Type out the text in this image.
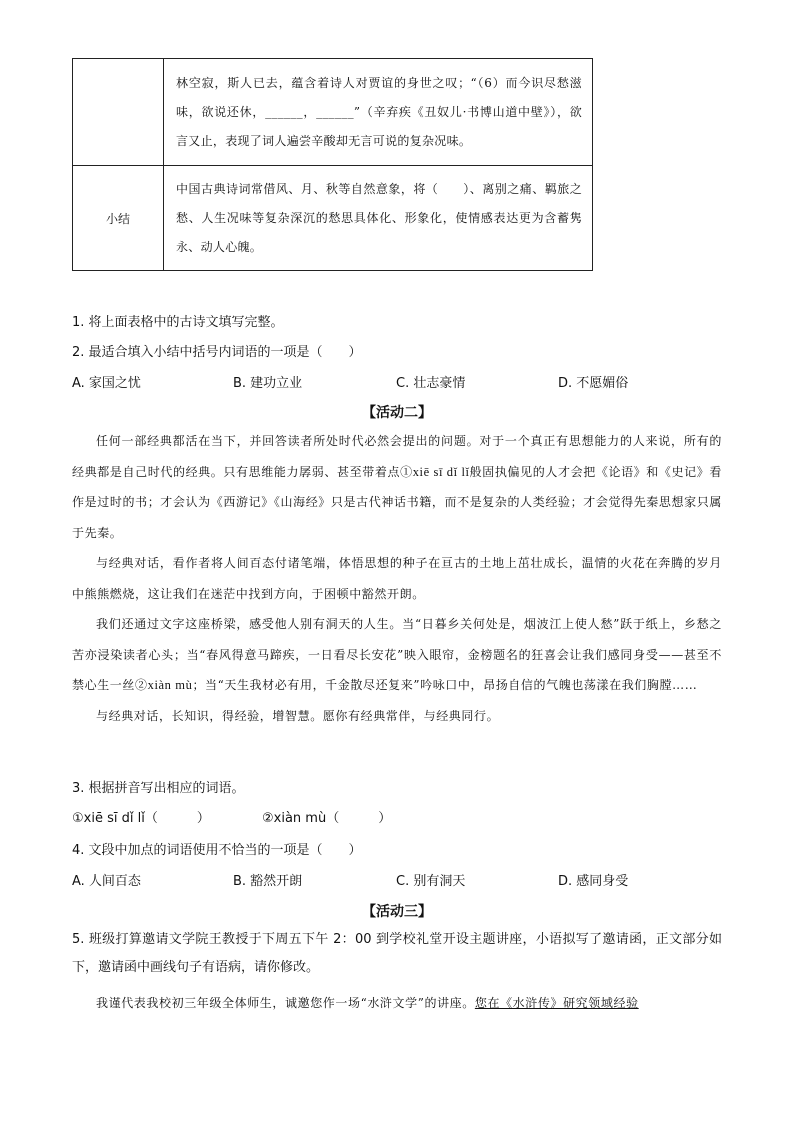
	林空寂，斯人已去，蕴含着诗人对贾谊的身世之叹；“（6）而今识尽愁滋味，欲说还休，______，______”（辛弃疾《丑奴儿·书博山道中壁》），欲言又止，表现了词人遍尝辛酸却无言可说的复杂况味。
小结	中国古典诗词常借风、月、秋等自然意象，将（　　）、离别之痛、羁旅之愁、人生况味等复杂深沉的愁思具体化、形象化，使情感表达更为含蓄隽永、动人心魄。
1. 将上面表格中的古诗文填写完整。
2. 最适合填入小结中括号内词语的一项是（　　）
A. 家国之忧	B. 建功立业	C. 壮志豪情	D. 不愿媚俗
【活动二】

任何一部经典都活在当下，并回答读者所处时代必然会提出的问题。对于一个真正有思想能力的人来说，所有的经典都是自己时代的经典。只有思维能力孱弱、甚至带着点①xiē sī dǐ lǐ般固执偏见的人才会把《论语》和《史记》看作是过时的书；才会认为《西游记》《山海经》只是古代神话书籍，而不是复杂的人类经验；才会觉得先秦思想家只属于先秦。

与经典对话，看作者将人间百态付诸笔端，体悟思想的种子在亘古的土地上茁壮成长，温情的火花在奔腾的岁月中熊熊燃烧，这让我们在迷茫中找到方向，于困顿中豁然开朗。

我们还通过文字这座桥梁，感受他人别有洞天的人生。当“日暮乡关何处是，烟波江上使人愁”跃于纸上，乡愁之苦亦浸染读者心头；当“春风得意马蹄疾，一日看尽长安花”映入眼帘，金榜题名的狂喜会让我们感同身受——甚至不禁心生一丝②xiàn mù；当“天生我材必有用，千金散尽还复来”吟咏口中，昂扬自信的气魄也荡漾在我们胸膛……

与经典对话，长知识，得经验，增智慧。愿你有经典常伴，与经典同行。

3. 根据拼音写出相应的词语。
①xiē sī dǐ lǐ（　　　）	②xiàn mù（　　　）
4. 文段中加点的词语使用不恰当的一项是（　　）
A. 人间百态	B. 豁然开朗	C. 别有洞天	D. 感同身受
【活动三】
5. 班级打算邀请文学院王教授于下周五下午 2：00 到学校礼堂开设主题讲座，小语拟写了邀请函，正文部分如下，邀请函中画线句子有语病，请你修改。
我谨代表我校初三年级全体师生，诚邀您作一场“水浒文学”的讲座。您在《水浒传》研究领域经验
